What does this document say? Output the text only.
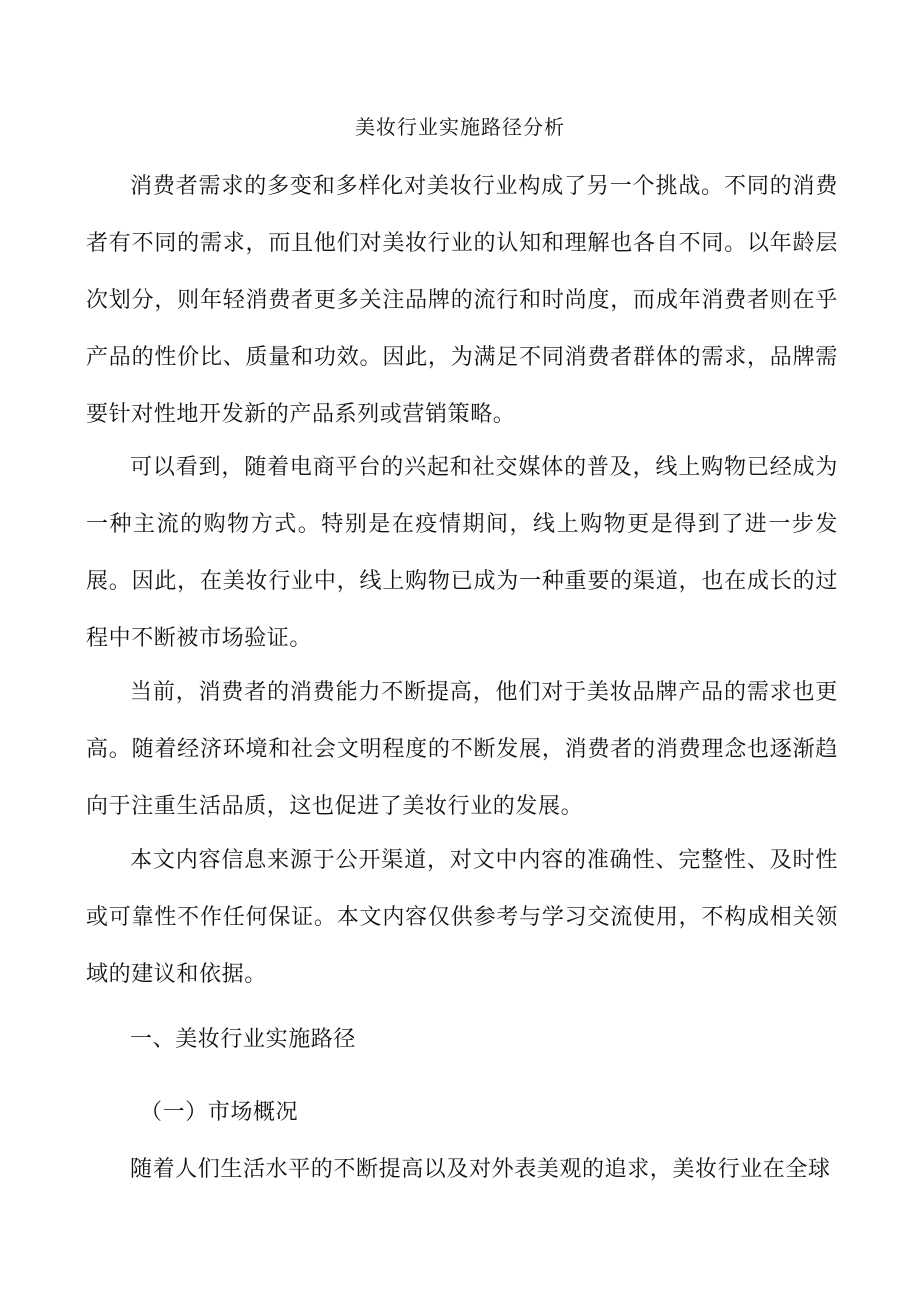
美妆行业实施路径分析

消费者需求的多变和多样化对美妆行业构成了另一个挑战。不同的消费者有不同的需求，而且他们对美妆行业的认知和理解也各自不同。以年龄层次划分，则年轻消费者更多关注品牌的流行和时尚度，而成年消费者则在乎产品的性价比、质量和功效。因此，为满足不同消费者群体的需求，品牌需要针对性地开发新的产品系列或营销策略。

可以看到，随着电商平台的兴起和社交媒体的普及，线上购物已经成为一种主流的购物方式。特别是在疫情期间，线上购物更是得到了进一步发展。因此，在美妆行业中，线上购物已成为一种重要的渠道，也在成长的过程中不断被市场验证。

当前，消费者的消费能力不断提高，他们对于美妆品牌产品的需求也更高。随着经济环境和社会文明程度的不断发展，消费者的消费理念也逐渐趋向于注重生活品质，这也促进了美妆行业的发展。

本文内容信息来源于公开渠道，对文中内容的准确性、完整性、及时性或可靠性不作任何保证。本文内容仅供参考与学习交流使用，不构成相关领域的建议和依据。

一、美妆行业实施路径

（一）市场概况

随着人们生活水平的不断提高以及对外表美观的追求，美妆行业在全球
